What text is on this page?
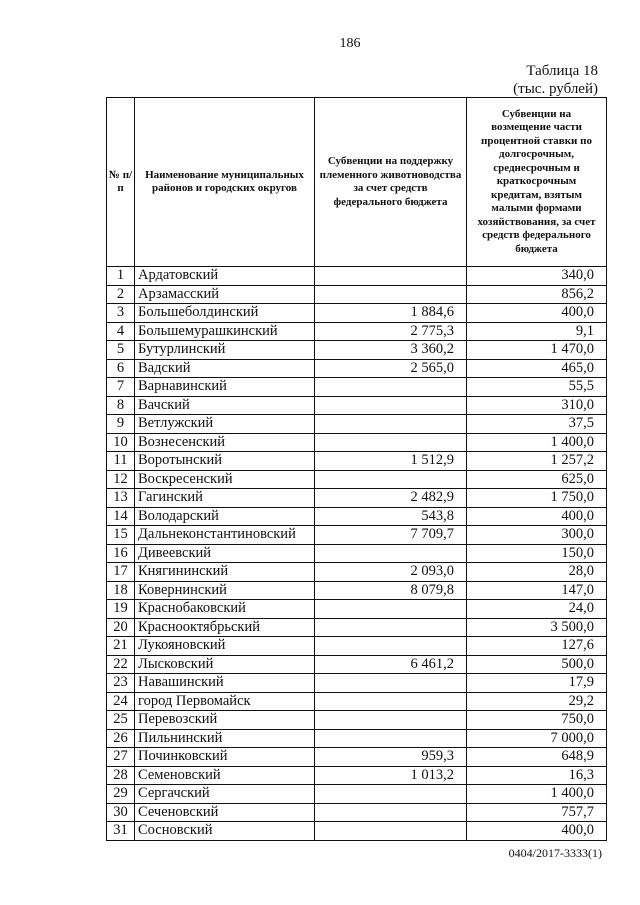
186
Таблица 18
(тыс. рублей)
№ п/п	Наименование муниципальных районов и городских округов	Субвенции на поддержку племенного животноводства за счет средств федерального бюджета	Субвенции на возмещение части процентной ставки по долгосрочным, среднесрочным и краткосрочным кредитам, взятым малыми формами хозяйствования, за счет средств федерального бюджета
1	Ардатовский		340,0
2	Арзамасский		856,2
3	Большеболдинский	1 884,6	400,0
4	Большемурашкинский	2 775,3	9,1
5	Бутурлинский	3 360,2	1 470,0
6	Вадский	2 565,0	465,0
7	Варнавинский		55,5
8	Вачский		310,0
9	Ветлужский		37,5
10	Вознесенский		1 400,0
11	Воротынский	1 512,9	1 257,2
12	Воскресенский		625,0
13	Гагинский	2 482,9	1 750,0
14	Володарский	543,8	400,0
15	Дальнеконстантиновский	7 709,7	300,0
16	Дивеевский		150,0
17	Княгининский	2 093,0	28,0
18	Ковернинский	8 079,8	147,0
19	Краснобаковский		24,0
20	Краснооктябрьский		3 500,0
21	Лукояновский		127,6
22	Лысковский	6 461,2	500,0
23	Навашинский		17,9
24	город Первомайск		29,2
25	Перевозский		750,0
26	Пильнинский		7 000,0
27	Починковский	959,3	648,9
28	Семеновский	1 013,2	16,3
29	Сергачский		1 400,0
30	Сеченовский		757,7
31	Сосновский		400,0
0404/2017-3333(1)
